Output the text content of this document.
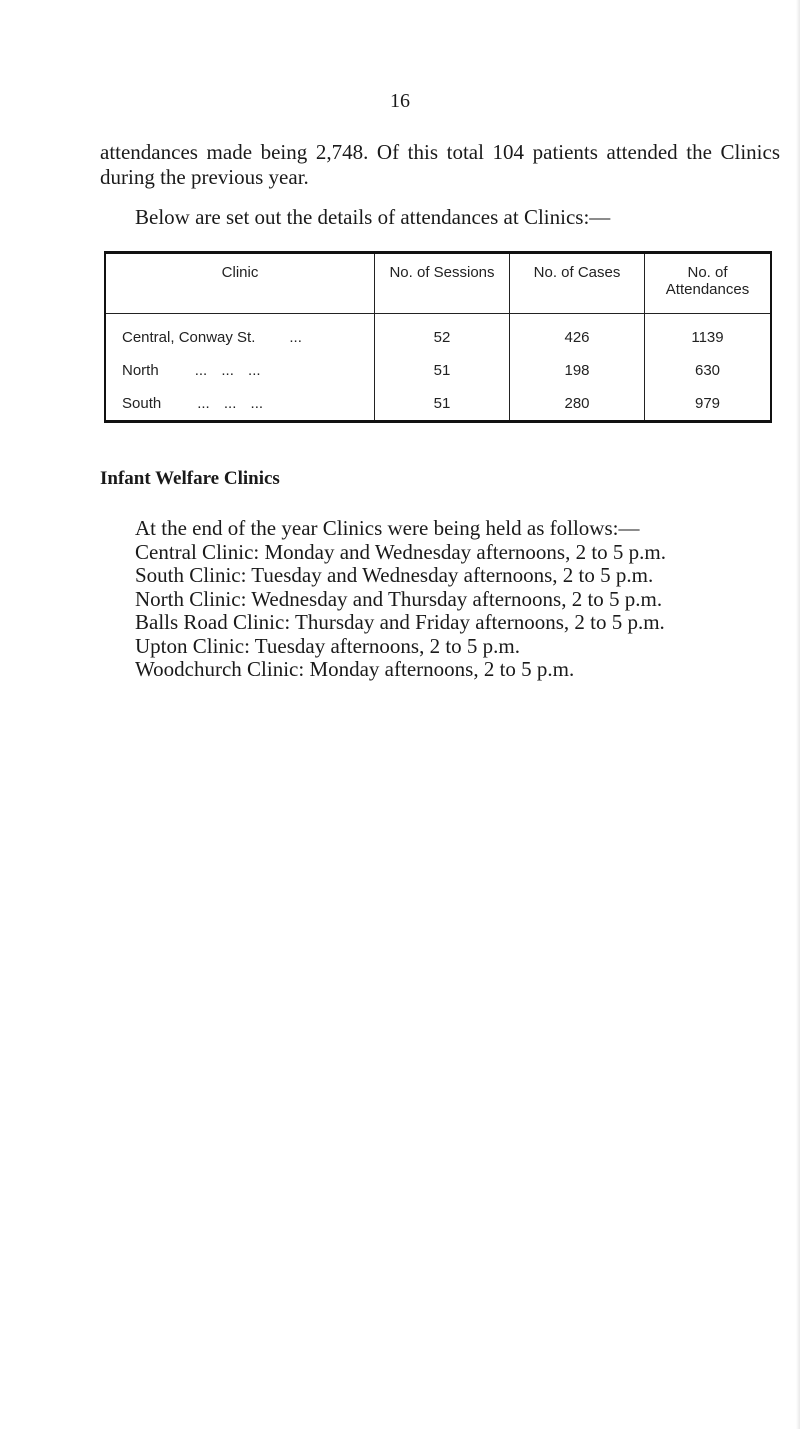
16

attendances made being 2,748. Of this total 104 patients attended the Clinics during the previous year.

Below are set out the details of attendances at Clinics:—

Clinic	No. of Sessions	No. of Cases	No. of Attendances
Central, Conway St. ...	52	426	1139
North ... ... ...	51	198	630
South ... ... ...	51	280	979
Infant Welfare Clinics
At the end of the year Clinics were being held as follows:—
Central Clinic: Monday and Wednesday afternoons, 2 to 5 p.m.
South Clinic: Tuesday and Wednesday afternoons, 2 to 5 p.m.
North Clinic: Wednesday and Thursday afternoons, 2 to 5 p.m.
Balls Road Clinic: Thursday and Friday afternoons, 2 to 5 p.m.
Upton Clinic: Tuesday afternoons, 2 to 5 p.m.
Woodchurch Clinic: Monday afternoons, 2 to 5 p.m.
